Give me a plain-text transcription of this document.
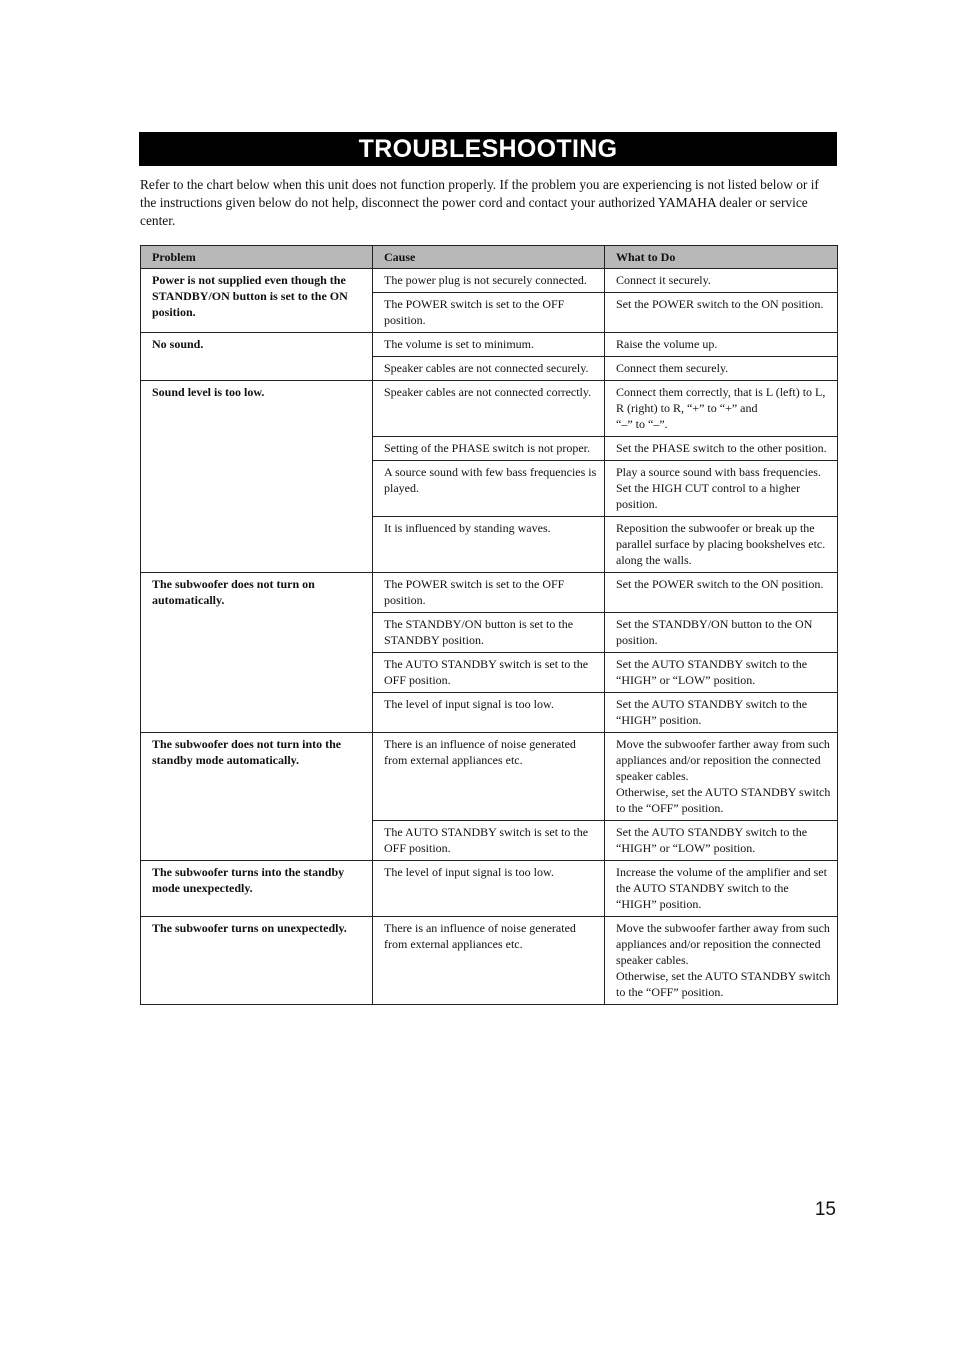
TROUBLESHOOTING

Refer to the chart below when this unit does not function properly. If the problem you are experiencing is not listed below or if the instructions given below do not help, disconnect the power cord and contact your authorized YAMAHA dealer or service center.

Problem	Cause	What to Do
Power is not supplied even though the STANDBY/ON button is set to the ON position.	The power plug is not securely connected.	Connect it securely.
	The POWER switch is set to the OFF position.	Set the POWER switch to the ON position.
No sound.	The volume is set to minimum.	Raise the volume up.
	Speaker cables are not connected securely.	Connect them securely.
Sound level is too low.	Speaker cables are not connected correctly.	Connect them correctly, that is L (left) to L, R (right) to R, “+” to “+” and
“–” to “–”.
	Setting of the PHASE switch is not proper.	Set the PHASE switch to the other position.
	A source sound with few bass frequencies is played.	Play a source sound with bass frequencies.
Set the HIGH CUT control to a higher position.
	It is influenced by standing waves.	Reposition the subwoofer or break up the parallel surface by placing bookshelves etc. along the walls.
The subwoofer does not turn on automatically.	The POWER switch is set to the OFF position.	Set the POWER switch to the ON position.
	The STANDBY/ON button is set to the STANDBY position.	Set the STANDBY/ON button to the ON position.
	The AUTO STANDBY switch is set to the OFF position.	Set the AUTO STANDBY switch to the “HIGH” or “LOW” position.
	The level of input signal is too low.	Set the AUTO STANDBY switch to the “HIGH” position.
The subwoofer does not turn into the standby mode automatically.	There is an influence of noise generated from external appliances etc.	Move the subwoofer farther away from such appliances and/or reposition the connected speaker cables.
Otherwise, set the AUTO STANDBY switch to the “OFF” position.
	The AUTO STANDBY switch is set to the OFF position.	Set the AUTO STANDBY switch to the “HIGH” or “LOW” position.
The subwoofer turns into the standby mode unexpectedly.	The level of input signal is too low.	Increase the volume of the amplifier and set the AUTO STANDBY switch to the “HIGH” position.
The subwoofer turns on unexpectedly.	There is an influence of noise generated from external appliances etc.	Move the subwoofer farther away from such appliances and/or reposition the connected speaker cables.
Otherwise, set the AUTO STANDBY switch to the “OFF” position.
15
